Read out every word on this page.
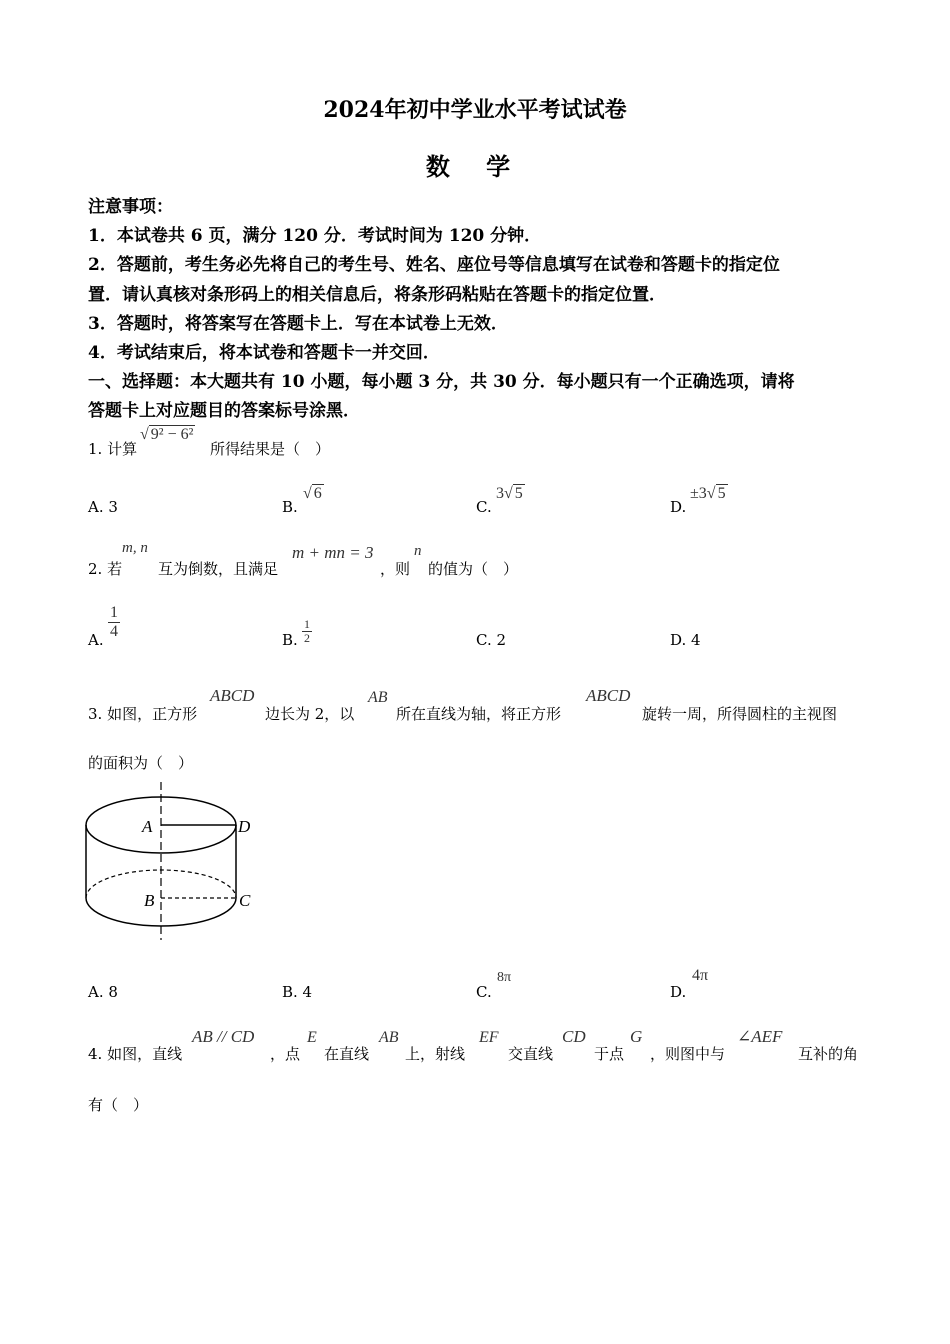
2024年初中学业水平考试试卷
数 学
注意事项：
1．本试卷共 6 页，满分 120 分．考试时间为 120 分钟．
2．答题前，考生务必先将自己的考生号、姓名、座位号等信息填写在试卷和答题卡的指定位
置．请认真核对条形码上的相关信息后，将条形码粘贴在答题卡的指定位置．
3．答题时，将答案写在答题卡上．写在本试卷上无效．
4．考试结束后，将本试卷和答题卡一并交回．
一、选择题：本大题共有 10 小题，每小题 3 分，共 30 分．每小题只有一个正确选项，请将
答题卡上对应题目的答案标号涂黑．
1. 计算
√ 9² − 6²
所得结果是（　）
A. 3	B.
√ 6
C.
3√ 5
D.
±3√ 5
2. 若
m, n
互为倒数，且满足
m + mn = 3
，则
n
的值为（　）
A. $\frac{1}{4}$	B. $\frac{1}{2}$	C. 2	D. 4
3. 如图，正方形
ABCD
边长为 2，以
AB
所在直线为轴，将正方形
ABCD
旋转一周，所得圆柱的主视图
的面积为（　）
A	D
B	C
A. 8	B. 4	C.
8π
D.
4π
4. 如图，直线
AB // CD
，点
E
在直线
AB
上，射线
EF
交直线
CD
于点
G
，则图中与
∠AEF
互补的角
有（　）
